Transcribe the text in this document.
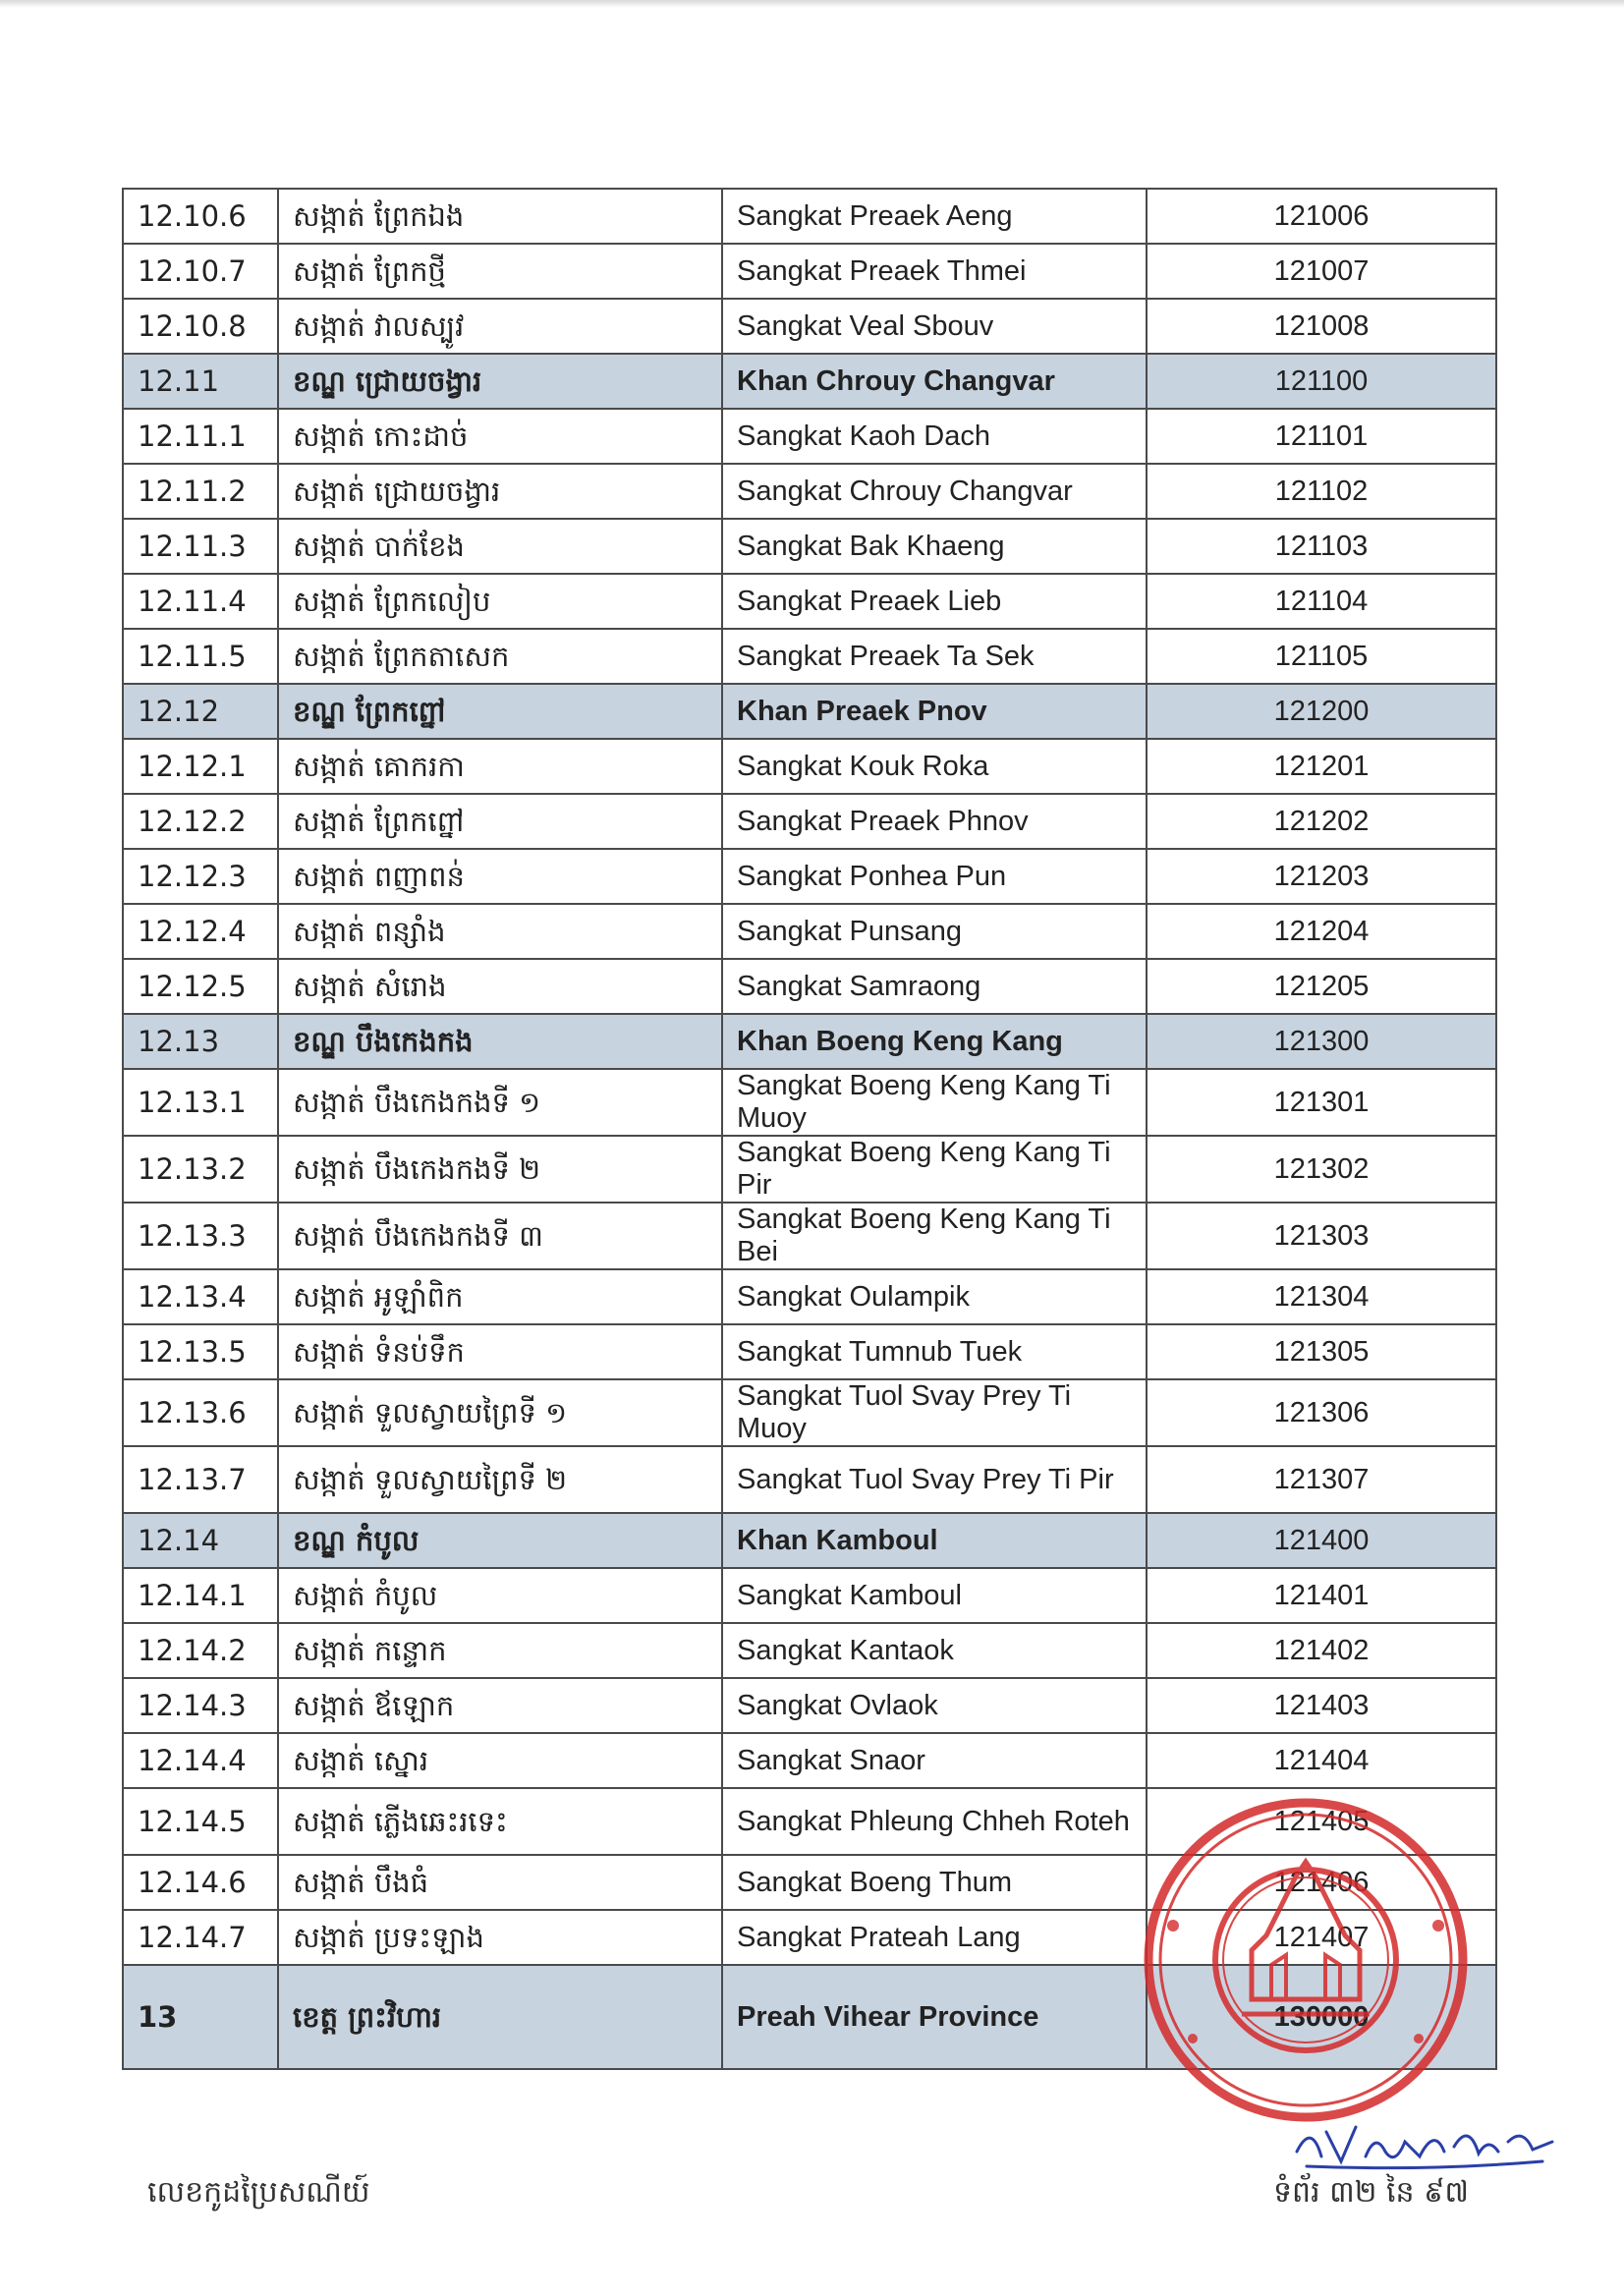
12.10.6	សង្កាត់ ព្រែកឯង	Sangkat Preaek Aeng	121006
12.10.7	សង្កាត់ ព្រែកថ្មី	Sangkat Preaek Thmei	121007
12.10.8	សង្កាត់ វាលស្បូវ	Sangkat Veal Sbouv	121008
12.11	ខណ្ឌ ជ្រោយចង្វារ	Khan Chrouy Changvar	121100
12.11.1	សង្កាត់ កោះដាច់	Sangkat Kaoh Dach	121101
12.11.2	សង្កាត់ ជ្រោយចង្វារ	Sangkat Chrouy Changvar	121102
12.11.3	សង្កាត់ បាក់ខែង	Sangkat Bak Khaeng	121103
12.11.4	សង្កាត់ ព្រែកលៀប	Sangkat Preaek Lieb	121104
12.11.5	សង្កាត់ ព្រែកតាសេក	Sangkat Preaek Ta Sek	121105
12.12	ខណ្ឌ ព្រែកព្នៅ	Khan Preaek Pnov	121200
12.12.1	សង្កាត់ គោករកា	Sangkat Kouk Roka	121201
12.12.2	សង្កាត់ ព្រែកព្នៅ	Sangkat Preaek Phnov	121202
12.12.3	សង្កាត់ ពញាពន់	Sangkat Ponhea Pun	121203
12.12.4	សង្កាត់ ពន្សាំង	Sangkat Punsang	121204
12.12.5	សង្កាត់ សំរោង	Sangkat Samraong	121205
12.13	ខណ្ឌ បឹងកេងកង	Khan Boeng Keng Kang	121300
12.13.1	សង្កាត់ បឹងកេងកងទី ១	Sangkat Boeng Keng Kang Ti Muoy	121301
12.13.2	សង្កាត់ បឹងកេងកងទី ២	Sangkat Boeng Keng Kang Ti Pir	121302
12.13.3	សង្កាត់ បឹងកេងកងទី ៣	Sangkat Boeng Keng Kang Ti Bei	121303
12.13.4	សង្កាត់ អូឡាំពិក	Sangkat Oulampik	121304
12.13.5	សង្កាត់ ទំនប់ទឹក	Sangkat Tumnub Tuek	121305
12.13.6	សង្កាត់ ទួលស្វាយព្រៃទី ១	Sangkat Tuol Svay Prey Ti Muoy	121306
12.13.7	សង្កាត់ ទួលស្វាយព្រៃទី ២	Sangkat Tuol Svay Prey Ti Pir	121307
12.14	ខណ្ឌ កំបូល	Khan Kamboul	121400
12.14.1	សង្កាត់ កំបូល	Sangkat Kamboul	121401
12.14.2	សង្កាត់ កន្ទោក	Sangkat Kantaok	121402
12.14.3	សង្កាត់ ឪឡោក	Sangkat Ovlaok	121403
12.14.4	សង្កាត់ ស្នោរ	Sangkat Snaor	121404
12.14.5	សង្កាត់ ភ្លើងឆេះរទេះ	Sangkat Phleung Chheh Roteh	121405
12.14.6	សង្កាត់ បឹងធំ	Sangkat Boeng Thum	121406
12.14.7	សង្កាត់ ប្រទះឡាង	Sangkat Prateah Lang	121407
13	ខេត្ត ព្រះវិហារ	Preah Vihear Province	130000
លេខកូដប្រៃសណីយ៍	ទំព័រ ៣២ នៃ ៩៧
